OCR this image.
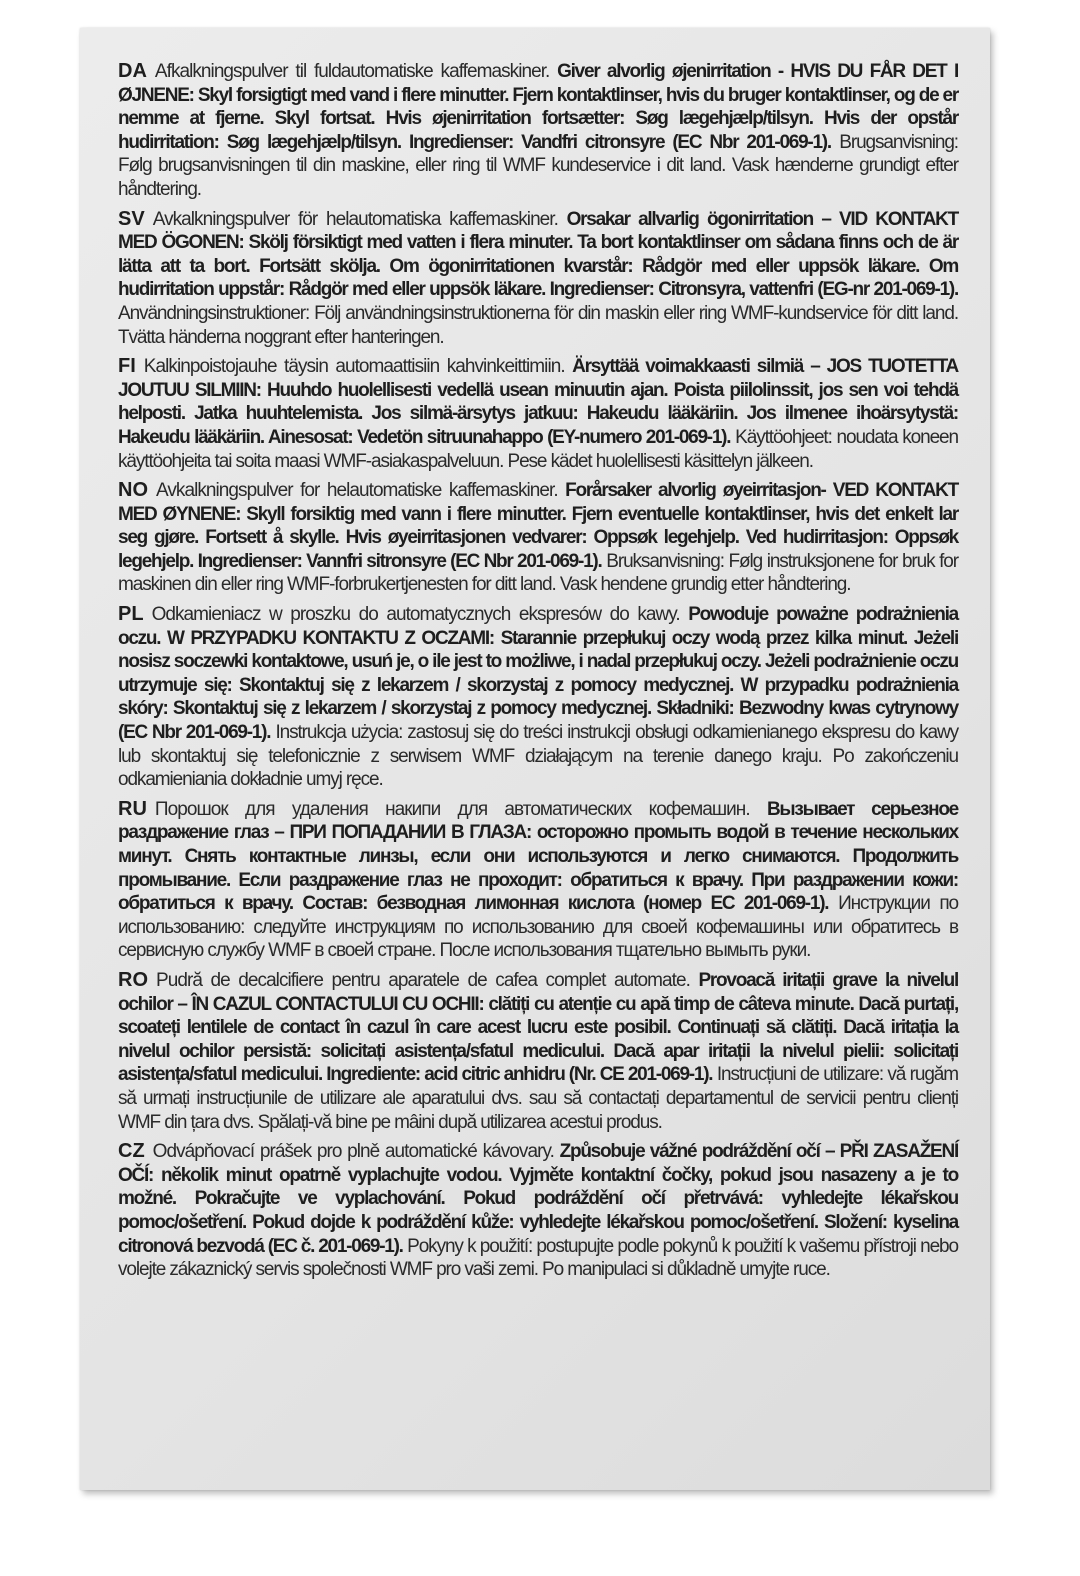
DA Afkalkningspulver til fuldautomatiske kaffemaskiner. Giver alvorlig øjenirritation - HVIS DU FÅR DET I ØJNENE: Skyl forsigtigt med vand i flere minutter. Fjern kontaktlinser, hvis du bruger kontaktlinser, og de er nemme at fjerne. Skyl fortsat. Hvis øjenirritation fortsætter: Søg lægehjælp/tilsyn. Hvis der opstår hudirritation: Søg lægehjælp/tilsyn. Ingredienser: Vandfri citronsyre (EC Nbr 201-069-1). Brugsanvisning: Følg brugsanvisningen til din maskine, eller ring til WMF kundeservice i dit land. Vask hænderne grundigt efter håndtering.

SV Avkalkningspulver för helautomatiska kaffemaskiner. Orsakar allvarlig ögonirritation – VID KONTAKT MED ÖGONEN: Skölj försiktigt med vatten i flera minuter. Ta bort kontaktlinser om sådana finns och de är lätta att ta bort. Fortsätt skölja. Om ögonirritationen kvarstår: Rådgör med eller uppsök läkare. Om hudirritation uppstår: Rådgör med eller uppsök läkare. Ingredienser: Citronsyra, vattenfri (EG-nr 201-069-1). Användningsinstruktioner: Följ användningsinstruktionerna för din maskin eller ring WMF-kundservice för ditt land. Tvätta händerna noggrant efter hanteringen.

FI Kalkinpoistojauhe täysin automaattisiin kahvinkeittimiin. Ärsyttää voimakkaasti silmiä – JOS TUOTETTA JOUTUU SILMIIN: Huuhdo huolellisesti vedellä usean minuutin ajan. Poista piilolinssit, jos sen voi tehdä helposti. Jatka huuhtelemista. Jos silmä-ärsytys jatkuu: Hakeudu lääkäriin. Jos ilmenee ihoärsytystä: Hakeudu lääkäriin. Ainesosat: Vedetön sitruunahappo (EY-numero 201-069-1). Käyttöohjeet: noudata koneen käyttöohjeita tai soita maasi WMF-asiakaspalveluun. Pese kädet huolellisesti käsittelyn jälkeen.

NO Avkalkningspulver for helautomatiske kaffemaskiner. Forårsaker alvorlig øyeirritasjon- VED KONTAKT MED ØYNENE: Skyll forsiktig med vann i flere minutter. Fjern eventuelle kontaktlinser, hvis det enkelt lar seg gjøre. Fortsett å skylle. Hvis øyeirritasjonen vedvarer: Oppsøk legehjelp. Ved hudirritasjon: Oppsøk legehjelp. Ingredienser: Vannfri sitronsyre (EC Nbr 201-069-1). Bruksanvisning: Følg instruksjonene for bruk for maskinen din eller ring WMF-forbrukertjenesten for ditt land. Vask hendene grundig etter håndtering.

PL Odkamieniacz w proszku do automatycznych ekspresów do kawy. Powoduje poważne podrażnienia oczu. W PRZYPADKU KONTAKTU Z OCZAMI: Starannie przepłukuj oczy wodą przez kilka minut. Jeżeli nosisz soczewki kontaktowe, usuń je, o ile jest to możliwe, i nadal przepłukuj oczy. Jeżeli podrażnienie oczu utrzymuje się: Skontaktuj się z lekarzem / skorzystaj z pomocy medycznej. W przypadku podrażnienia skóry: Skontaktuj się z lekarzem / skorzystaj z pomocy medycznej. Składniki: Bezwodny kwas cytrynowy (EC Nbr 201-069-1). Instrukcja użycia: zastosuj się do treści instrukcji obsługi odkamienianego ekspresu do kawy lub skontaktuj się telefonicznie z serwisem WMF działającym na terenie danego kraju. Po zakończeniu odkamieniania dokładnie umyj ręce.

RU Порошок для удаления накипи для автоматических кофемашин. Вызывает серьезное раздражение глаз – ПРИ ПОПАДАНИИ В ГЛАЗА: осторожно промыть водой в течение нескольких минут. Снять контактные линзы, если они используются и легко снимаются. Продолжить промывание. Если раздражение глаз не проходит: обратиться к врачу. При раздражении кожи: обратиться к врачу. Состав: безводная лимонная кислота (номер ЕС 201-069-1). Инструкции по использованию: следуйте инструкциям по использованию для своей кофемашины или обратитесь в сервисную службу WMF в своей стране. После использования тщательно вымыть руки.

RO Pudră de decalcifiere pentru aparatele de cafea complet automate. Provoacă iritații grave la nivelul ochilor – ÎN CAZUL CONTACTULUI CU OCHII: clătiți cu atenție cu apă timp de câteva minute. Dacă purtați, scoateți lentilele de contact în cazul în care acest lucru este posibil. Continuați să clătiți. Dacă iritația la nivelul ochilor persistă: solicitați asistența/sfatul medicului. Dacă apar iritații la nivelul pielii: solicitați asistența/sfatul medicului. Ingrediente: acid citric anhidru (Nr. CE 201-069-1). Instrucțiuni de utilizare: vă rugăm să urmați instrucțiunile de utilizare ale aparatului dvs. sau să contactați departamentul de servicii pentru clienți WMF din țara dvs. Spălați-vă bine pe mâini după utilizarea acestui produs.

CZ Odvápňovací prášek pro plně automatické kávovary. Způsobuje vážné podráždění očí – PŘI ZASAŽENÍ OČÍ: několik minut opatrně vyplachujte vodou. Vyjměte kontaktní čočky, pokud jsou nasazeny a je to možné. Pokračujte ve vyplachování. Pokud podráždění očí přetrvává: vyhledejte lékařskou pomoc/ošetření. Pokud dojde k podráždění kůže: vyhledejte lékařskou pomoc/ošetření. Složení: kyselina citronová bezvodá (EC č. 201-069-1). Pokyny k použití: postupujte podle pokynů k použití k vašemu přístroji nebo volejte zákaznický servis společnosti WMF pro vaši zemi. Po manipulaci si důkladně umyjte ruce.
